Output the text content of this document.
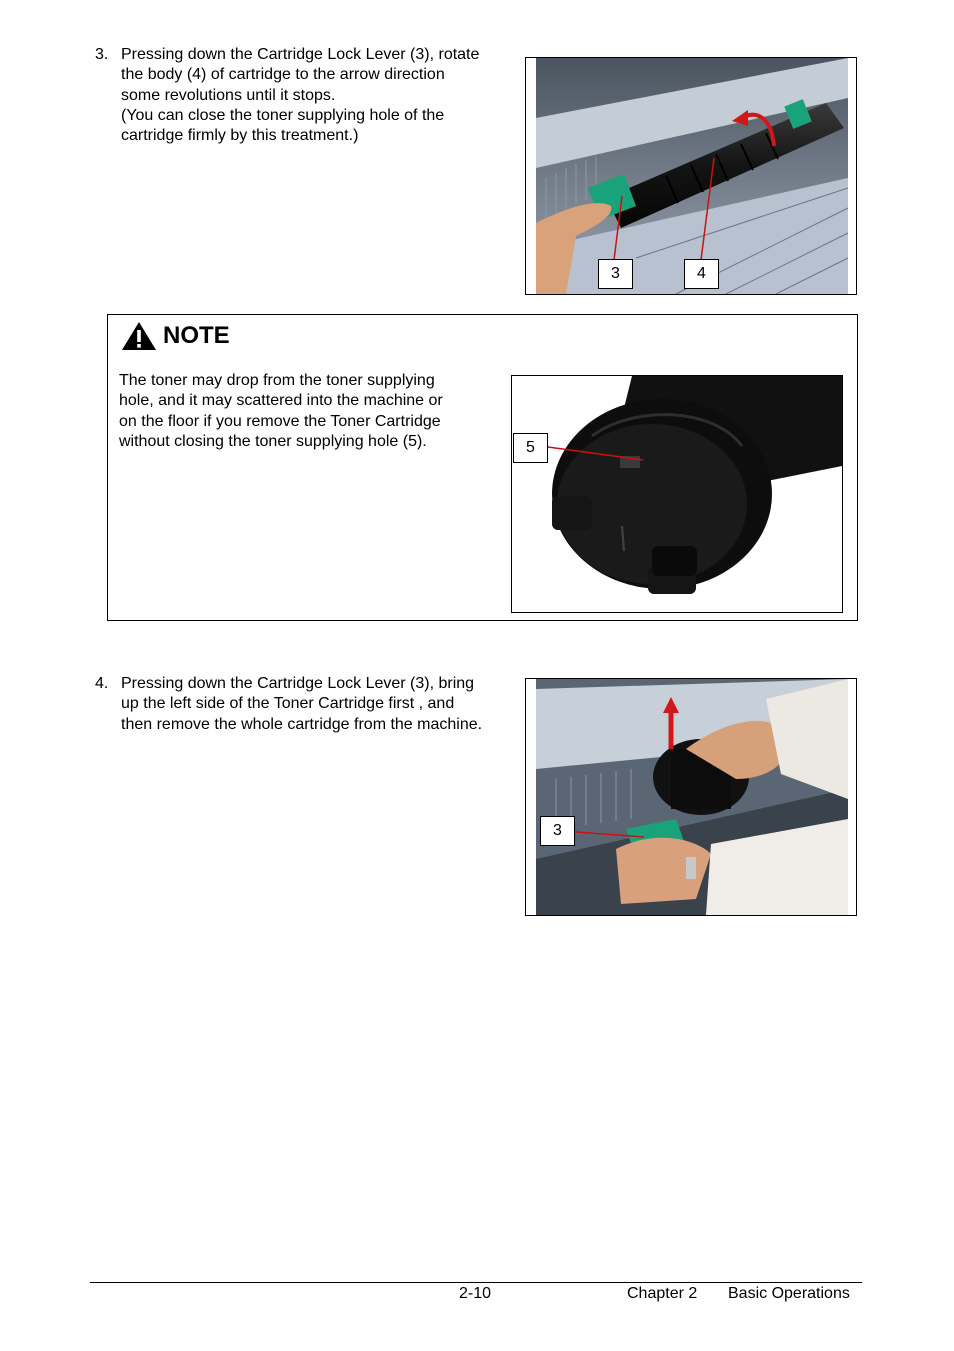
3. Pressing down the Cartridge Lock Lever (3), rotate
the body (4) of cartridge to the arrow direction
some revolutions until it stops.
(You can close the toner supplying hole of the
cartridge firmly by this treatment.)
3	4
NOTE
The toner may drop from the toner supplying
hole, and it may scattered into the machine or
on the floor if you remove the Toner Cartridge
without closing the toner supplying hole (5).	5
4. Pressing down the Cartridge Lock Lever (3), bring
up the left side of the Toner Cartridge first , and
then remove the whole cartridge from the machine.
3
2-10	Chapter 2 Basic Operations
